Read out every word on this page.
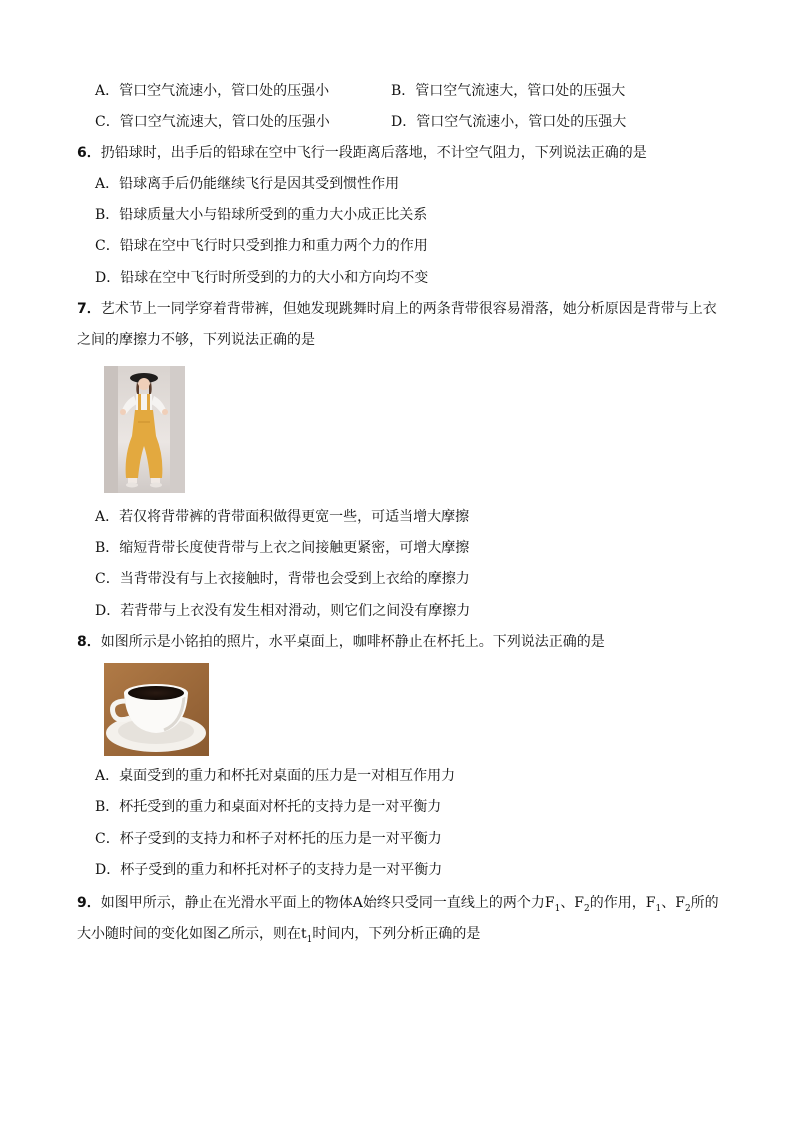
A．管口空气流速小，管口处的压强小	B．管口空气流速大，管口处的压强大
C．管口空气流速大，管口处的压强小	D．管口空气流速小，管口处的压强大
6．扔铅球时，出手后的铅球在空中飞行一段距离后落地，不计空气阻力，下列说法正确的是
A．铅球离手后仍能继续飞行是因其受到惯性作用
B．铅球质量大小与铅球所受到的重力大小成正比关系
C．铅球在空中飞行时只受到推力和重力两个力的作用
D．铅球在空中飞行时所受到的力的大小和方向均不变
7．艺术节上一同学穿着背带裤，但她发现跳舞时肩上的两条背带很容易滑落，她分析原因是背带与上衣
之间的摩擦力不够，下列说法正确的是
A．若仅将背带裤的背带面积做得更宽一些，可适当增大摩擦
B．缩短背带长度使背带与上衣之间接触更紧密，可增大摩擦
C．当背带没有与上衣接触时，背带也会受到上衣给的摩擦力
D．若背带与上衣没有发生相对滑动，则它们之间没有摩擦力
8．如图所示是小铭拍的照片，水平桌面上，咖啡杯静止在杯托上。下列说法正确的是
A．桌面受到的重力和杯托对桌面的压力是一对相互作用力
B．杯托受到的重力和桌面对杯托的支持力是一对平衡力
C．杯子受到的支持力和杯子对杯托的压力是一对平衡力
D．杯子受到的重力和杯托对杯子的支持力是一对平衡力
9．如图甲所示，静止在光滑水平面上的物体A始终只受同一直线上的两个力$F_1$、$F_2$的作用，$F_1$、$F_2$所的
大小随时间的变化如图乙所示，则在$t_1$时间内，下列分析正确的是
